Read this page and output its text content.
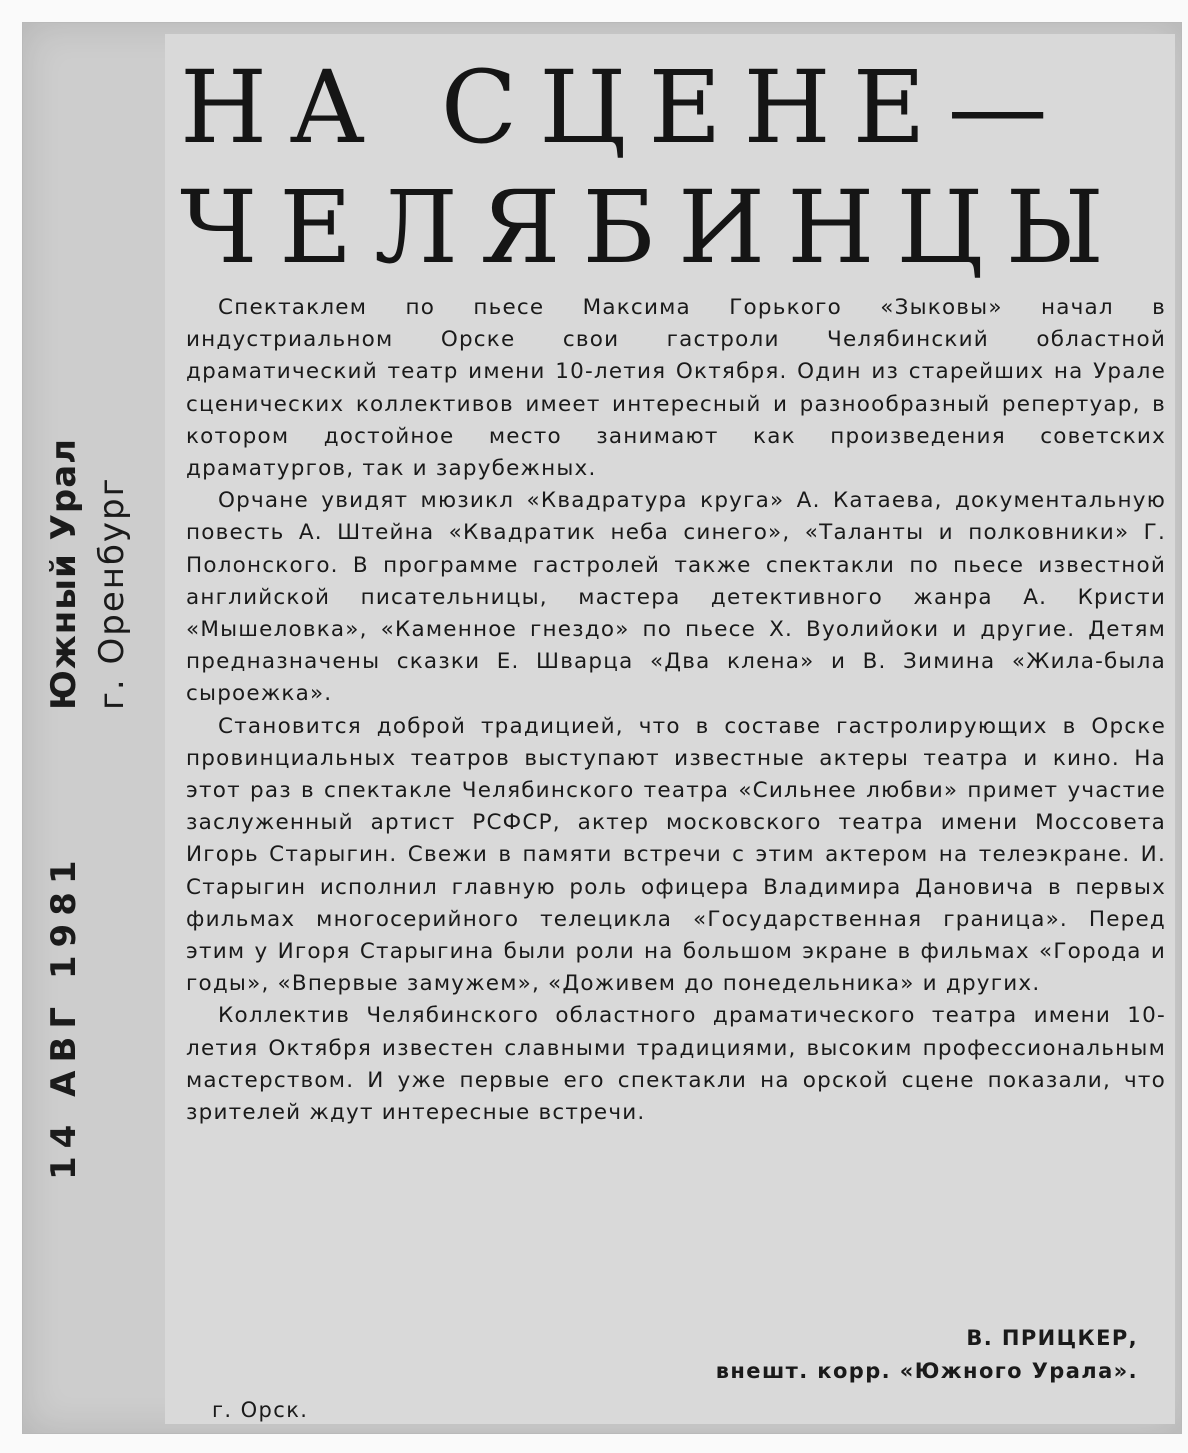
14 АВГ 1981
Южный Урал г. Оренбург
НА СЦЕНЕ—
ЧЕЛЯБИНЦЫ

Спектаклем по пьесе Максима Горького «Зыковы» начал в индустриальном Орске свои гастроли Челябинский областной драматический театр имени 10-летия Октября. Один из старейших на Урале сценических коллективов имеет интересный и разнообразный репертуар, в котором достойное место занимают как произведения советских драматургов, так и зарубежных.

Орчане увидят мюзикл «Квадратура круга» А. Катаева, документальную повесть А. Штейна «Квадратик неба синего», «Таланты и полковники» Г. Полонского. В программе гастролей также спектакли по пьесе известной английской писательницы, мастера детективного жанра А. Кристи «Мышеловка», «Каменное гнездо» по пьесе Х. Вуолийоки и другие. Детям предназначены сказки Е. Шварца «Два клена» и В. Зимина «Жила-была сыроежка».

Становится доброй традицией, что в составе гастролирующих в Орске провинциальных театров выступают известные актеры театра и кино. На этот раз в спектакле Челябинского театра «Сильнее любви» примет участие заслуженный артист РСФСР, актер московского театра имени Моссовета Игорь Старыгин. Свежи в памяти встречи с этим актером на телеэкране. И. Старыгин исполнил главную роль офицера Владимира Дановича в первых фильмах многосерийного телецикла «Государственная граница». Перед этим у Игоря Старыгина были роли на большом экране в фильмах «Города и годы», «Впервые замужем», «Доживем до понедельника» и других.

Коллектив Челябинского областного драматического театра имени 10-летия Октября известен славными традициями, высоким профессиональным мастерством. И уже первые его спектакли на орской сцене показали, что зрителей ждут интересные встречи.

В. ПРИЦКЕР,
внешт. корр. «Южного Урала».
г. Орск.
